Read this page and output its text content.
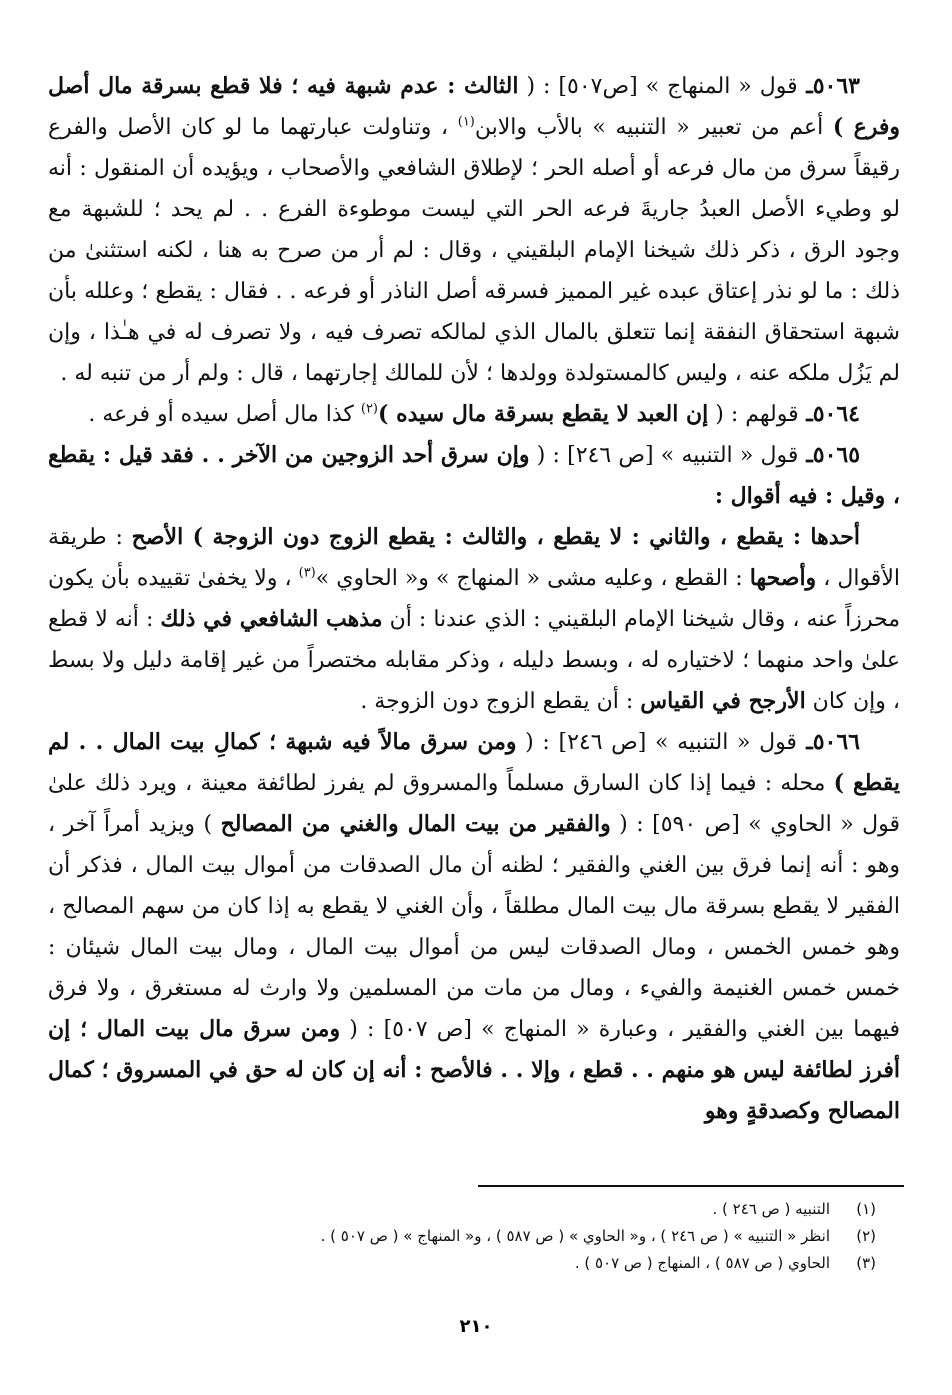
٥٠٦٣ـ قول « المنهاج » [ص٥٠٧] : ( الثالث : عدم شبهة فيه ؛ فلا قطع بسرقة مال أصل وفرع ) أعم من تعبير « التنبيه » بالأب والابن$^{(١)}$ ، وتناولت عبارتهما ما لو كان الأصل والفرع رقيقاً سرق من مال فرعه أو أصله الحر ؛ لإطلاق الشافعي والأصحاب ، ويؤيده أن المنقول : أنه لو وطيء الأصل العبدُ جاريةَ فرعه الحر التي ليست موطوءة الفرع . . لم يحد ؛ للشبهة مع وجود الرق ، ذكر ذلك شيخنا الإمام البلقيني ، وقال : لم أر من صرح به هنا ، لكنه استثنىٰ من ذلك : ما لو نذر إعتاق عبده غير المميز فسرقه أصل الناذر أو فرعه . . فقال : يقطع ؛ وعلله بأن شبهة استحقاق النفقة إنما تتعلق بالمال الذي لمالكه تصرف فيه ، ولا تصرف له في هـٰذا ، وإن لم يَزُل ملكه عنه ، وليس كالمستولدة وولدها ؛ لأن للمالك إجارتهما ، قال : ولم أر من تنبه له .

٥٠٦٤ـ قولهم : ( إن العبد لا يقطع بسرقة مال سيده )$^{(٢)}$ كذا مال أصل سيده أو فرعه .

٥٠٦٥ـ قول « التنبيه » [ص ٢٤٦] : ( وإن سرق أحد الزوجين من الآخر . . فقد قيل : يقطع ، وقيل : فيه أقوال :

أحدها : يقطع ، والثاني : لا يقطع ، والثالث : يقطع الزوج دون الزوجة ) الأصح : طريقة الأقوال ، وأصحها : القطع ، وعليه مشى « المنهاج » و« الحاوي »$^{(٣)}$ ، ولا يخفىٰ تقييده بأن يكون محرزاً عنه ، وقال شيخنا الإمام البلقيني : الذي عندنا : أن مذهب الشافعي في ذلك : أنه لا قطع علىٰ واحد منهما ؛ لاختياره له ، وبسط دليله ، وذكر مقابله مختصراً من غير إقامة دليل ولا بسط ، وإن كان الأرجح في القياس : أن يقطع الزوج دون الزوجة .

٥٠٦٦ـ قول « التنبيه » [ص ٢٤٦] : ( ومن سرق مالاً فيه شبهة ؛ كمالِ بيت المال . . لم يقطع ) محله : فيما إذا كان السارق مسلماً والمسروق لم يفرز لطائفة معينة ، ويرد ذلك علىٰ قول « الحاوي » [ص ٥٩٠] : ( والفقير من بيت المال والغني من المصالح ) ويزيد أمراً آخر ، وهو : أنه إنما فرق بين الغني والفقير ؛ لظنه أن مال الصدقات من أموال بيت المال ، فذكر أن الفقير لا يقطع بسرقة مال بيت المال مطلقاً ، وأن الغني لا يقطع به إذا كان من سهم المصالح ، وهو خمس الخمس ، ومال الصدقات ليس من أموال بيت المال ، ومال بيت المال شيئان : خمس خمس الغنيمة والفيء ، ومال من مات من المسلمين ولا وارث له مستغرق ، ولا فرق فيهما بين الغني والفقير ، وعبارة « المنهاج » [ص ٥٠٧] : ( ومن سرق مال بيت المال ؛ إن أفرز لطائفة ليس هو منهم . . قطع ، وإلا . . فالأصح : أنه إن كان له حق في المسروق ؛ كمال المصالح وكصدقةٍ وهو

(١)التنبيه ( ص ٢٤٦ ) .

(٢)انظر « التنبيه » ( ص ٢٤٦ ) ، و« الحاوي » ( ص ٥٨٧ ) ، و« المنهاج » ( ص ٥٠٧ ) .

(٣)الحاوي ( ص ٥٨٧ ) ، المنهاج ( ص ٥٠٧ ) .

٢١٠
